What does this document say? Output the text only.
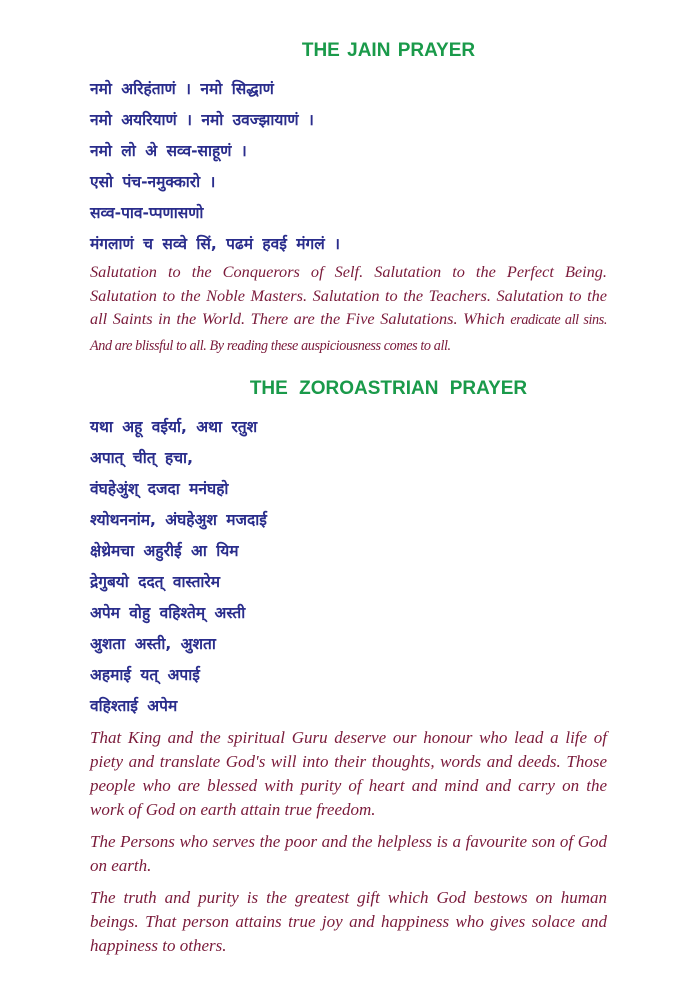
THE JAIN PRAYER
नमो अरिहंताणं । नमो सिद्धाणं
नमो अयरियाणं । नमो उवज्झायाणं ।
नमो लो अे सव्व-साहूणं ।
एसो पंच-नमुक्कारो ।
सव्व-पाव-प्पणासणो
मंगलाणं च सव्वे सिं, पढमं हवई मंगलं ।

Salutation to the Conquerors of Self. Salutation to the Perfect Being. Salutation to the Noble Masters. Salutation to the Teachers. Salutation to the all Saints in the World. There are the Five Salutations. Which eradicate all sins. And are blissful to all. By reading these auspiciousness comes to all.

THE ZOROASTRIAN PRAYER
यथा अहू वईर्या, अथा रतुश
अपात् चीत् हचा,
वंघहेअुंश् दजदा मनंघहो
श्योथननांम, अंघहेअुश मजदाई
क्षेथ्रेमचा अहुरीई आ यिम
द्रेगुबयो ददत् वास्तारेम
अपेम वोहु वहिश्तेम् अस्ती
अुशता अस्ती, अुशता
अहमाई यत् अपाई
वहिश्ताई अपेम

That King and the spiritual Guru deserve our honour who lead a life of piety and translate God's will into their thoughts, words and deeds. Those people who are blessed with purity of heart and mind and carry on the work of God on earth attain true freedom.

The Persons who serves the poor and the helpless is a favourite son of God on earth.

The truth and purity is the greatest gift which God bestows on human beings. That person attains true joy and happiness who gives solace and happiness to others.
